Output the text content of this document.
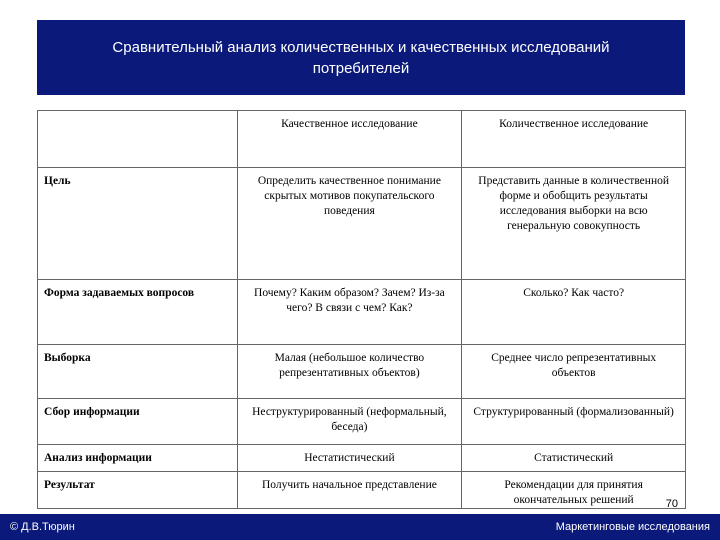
Сравнительный анализ количественных и качественных исследований потребителей
	Качественное исследование	Количественное исследование
Цель	Определить качественное понимание скрытых мотивов покупательского поведения	Представить данные в количественной форме и обобщить результаты исследования выборки на всю генеральную совокупность
Форма задаваемых вопросов	Почему? Каким образом? Зачем? Из-за чего? В связи с чем? Как?	Сколько? Как часто?
Выборка	Малая (небольшое количество репрезентативных объектов)	Среднее число репрезентативных объектов
Сбор информации	Неструктурированный (неформальный, беседа)	Структурированный (формализованный)
Анализ информации	Нестатистический	Статистический
Результат	Получить начальное представление	Рекомендации для принятия окончательных решений	70
© Д.В.Тюрин	Маркетинговые исследования
